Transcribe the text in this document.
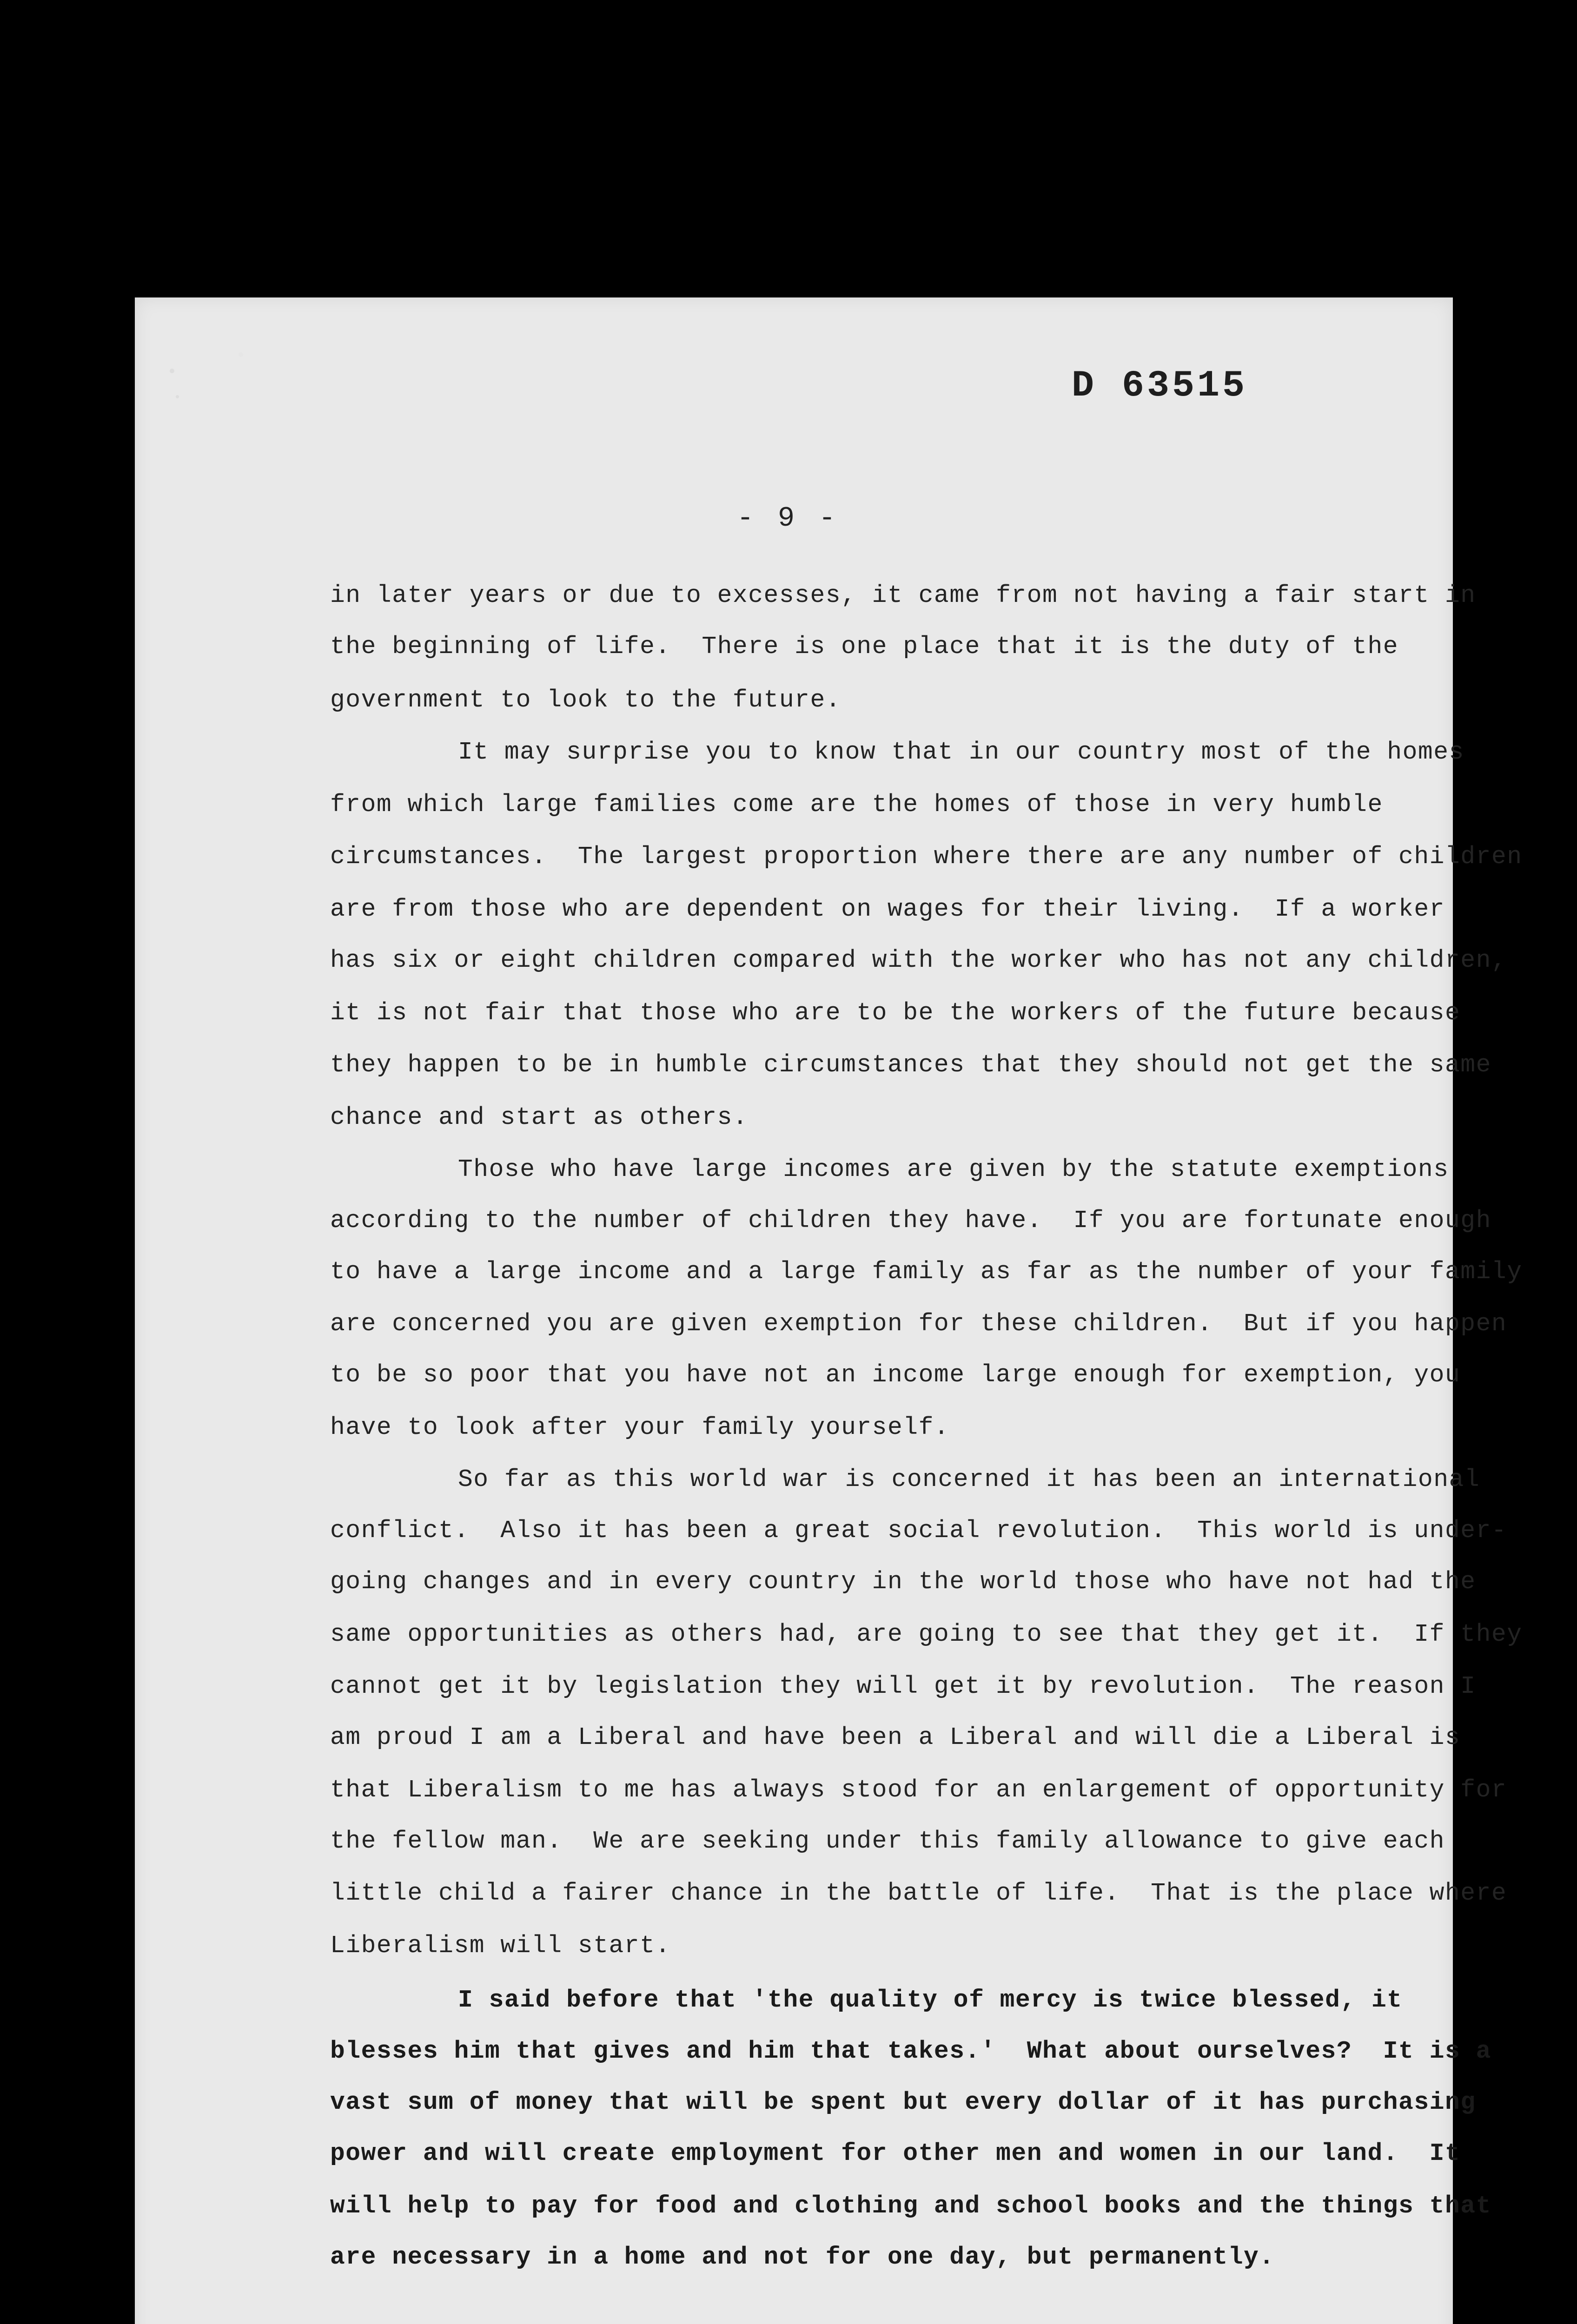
D 63515
- 9 -
in later years or due to excesses, it came from not having a fair start in
the beginning of life.  There is one place that it is the duty of the
government to look to the future.
It may surprise you to know that in our country most of the homes
from which large families come are the homes of those in very humble
circumstances.  The largest proportion where there are any number of children
are from those who are dependent on wages for their living.  If a worker
has six or eight children compared with the worker who has not any children,
it is not fair that those who are to be the workers of the future because
they happen to be in humble circumstances that they should not get the same
chance and start as others.
Those who have large incomes are given by the statute exemptions
according to the number of children they have.  If you are fortunate enough
to have a large income and a large family as far as the number of your family
are concerned you are given exemption for these children.  But if you happen
to be so poor that you have not an income large enough for exemption, you
have to look after your family yourself.
So far as this world war is concerned it has been an international
conflict.  Also it has been a great social revolution.  This world is under-
going changes and in every country in the world those who have not had the
same opportunities as others had, are going to see that they get it.  If they
cannot get it by legislation they will get it by revolution.  The reason I
am proud I am a Liberal and have been a Liberal and will die a Liberal is
that Liberalism to me has always stood for an enlargement of opportunity for
the fellow man.  We are seeking under this family allowance to give each
little child a fairer chance in the battle of life.  That is the place where
Liberalism will start.
I said before that 'the quality of mercy is twice blessed, it
blesses him that gives and him that takes.'  What about ourselves?  It is a
vast sum of money that will be spent but every dollar of it has purchasing
power and will create employment for other men and women in our land.  It
will help to pay for food and clothing and school books and the things that
are necessary in a home and not for one day, but permanently.
